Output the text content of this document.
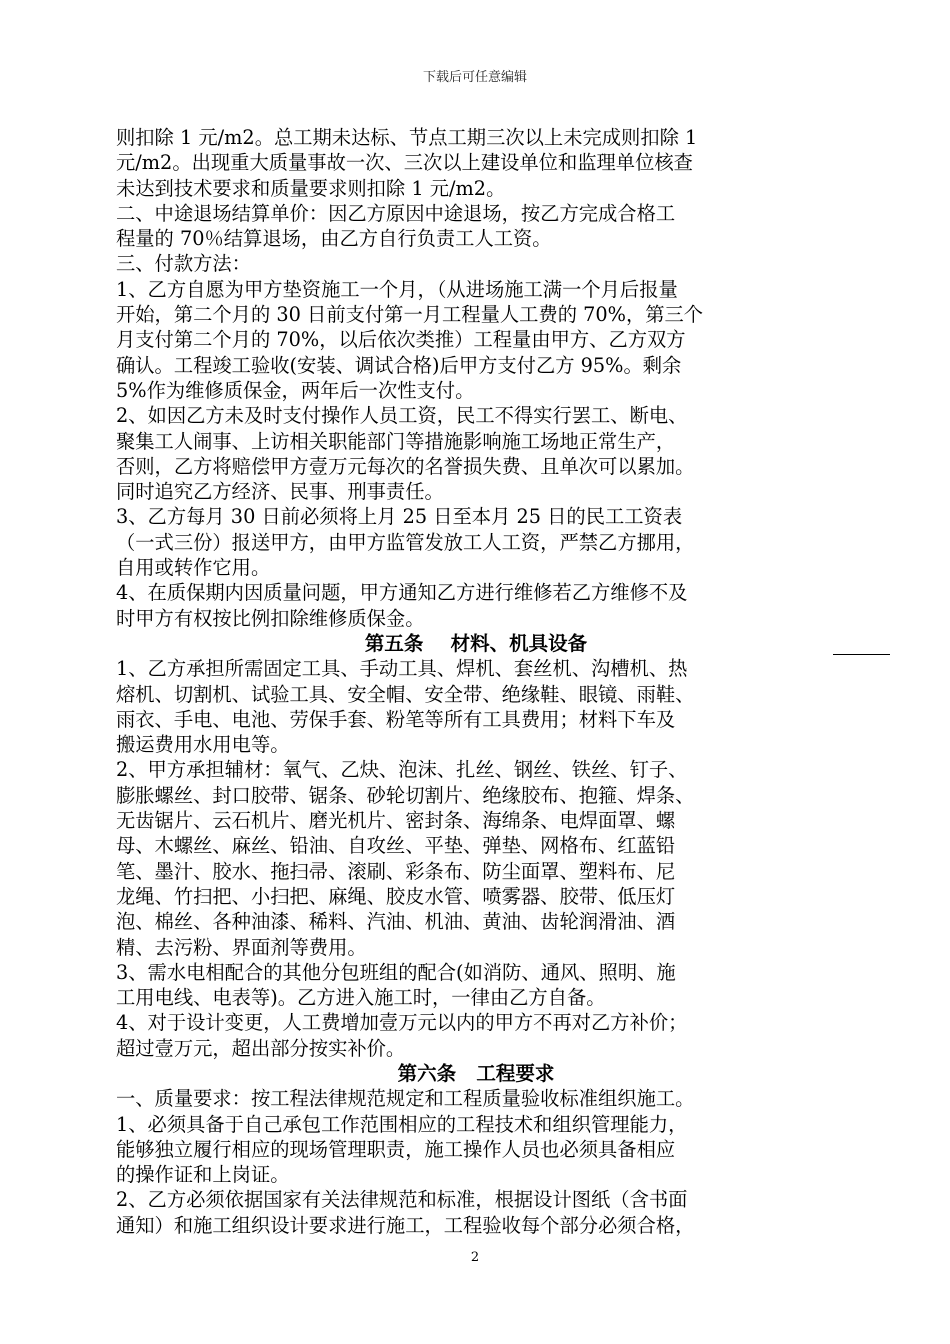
下载后可任意编辑

则扣除 1 元/m2。总工期未达标、节点工期三次以上未完成则扣除 1

元/m2。出现重大质量事故一次、三次以上建设单位和监理单位核查

未达到技术要求和质量要求则扣除 1 元/m2。

二、中途退场结算单价：因乙方原因中途退场，按乙方完成合格工

程量的 70％结算退场，由乙方自行负责工人工资。

三、付款方法：

1、乙方自愿为甲方垫资施工一个月，（从进场施工满一个月后报量

开始，第二个月的 30 日前支付第一月工程量人工费的 70%，第三个

月支付第二个月的 70%，以后依次类推）工程量由甲方、乙方双方

确认。工程竣工验收(安装、调试合格)后甲方支付乙方 95%。剩余

5%作为维修质保金，两年后一次性支付。

2、如因乙方未及时支付操作人员工资，民工不得实行罢工、断电、

聚集工人闹事、上访相关职能部门等措施影响施工场地正常生产，

否则，乙方将赔偿甲方壹万元每次的名誉损失费、且单次可以累加。

同时追究乙方经济、民事、刑事责任。

3、乙方每月 30 日前必须将上月 25 日至本月 25 日的民工工资表

（一式三份）报送甲方，由甲方监管发放工人工资，严禁乙方挪用，

自用或转作它用。

4、在质保期内因质量问题，甲方通知乙方进行维修若乙方维修不及

时甲方有权按比例扣除维修质保金。

第五条    材料、机具设备

1、乙方承担所需固定工具、手动工具、焊机、套丝机、沟槽机、热

熔机、切割机、试验工具、安全帽、安全带、绝缘鞋、眼镜、雨鞋、

雨衣、手电、电池、劳保手套、粉笔等所有工具费用；材料下车及

搬运费用水用电等。

2、甲方承担辅材：氧气、乙炔、泡沫、扎丝、钢丝、铁丝、钉子、

膨胀螺丝、封口胶带、锯条、砂轮切割片、绝缘胶布、抱箍、焊条、

无齿锯片、云石机片、磨光机片、密封条、海绵条、电焊面罩、螺

母、木螺丝、麻丝、铅油、自攻丝、平垫、弹垫、网格布、红蓝铅

笔、墨汁、胶水、拖扫帚、滚刷、彩条布、防尘面罩、塑料布、尼

龙绳、竹扫把、小扫把、麻绳、胶皮水管、喷雾器、胶带、低压灯

泡、棉丝、各种油漆、稀料、汽油、机油、黄油、齿轮润滑油、酒

精、去污粉、界面剂等费用。

3、需水电相配合的其他分包班组的配合(如消防、通风、照明、施

工用电线、电表等)。乙方进入施工时，一律由乙方自备。

4、对于设计变更，人工费增加壹万元以内的甲方不再对乙方补价；

超过壹万元，超出部分按实补价。

第六条   工程要求

一、质量要求：按工程法律规范规定和工程质量验收标准组织施工。

1、必须具备于自己承包工作范围相应的工程技术和组织管理能力，

能够独立履行相应的现场管理职责，施工操作人员也必须具备相应

的操作证和上岗证。

2、乙方必须依据国家有关法律规范和标准，根据设计图纸（含书面

通知）和施工组织设计要求进行施工，工程验收每个部分必须合格，

2
